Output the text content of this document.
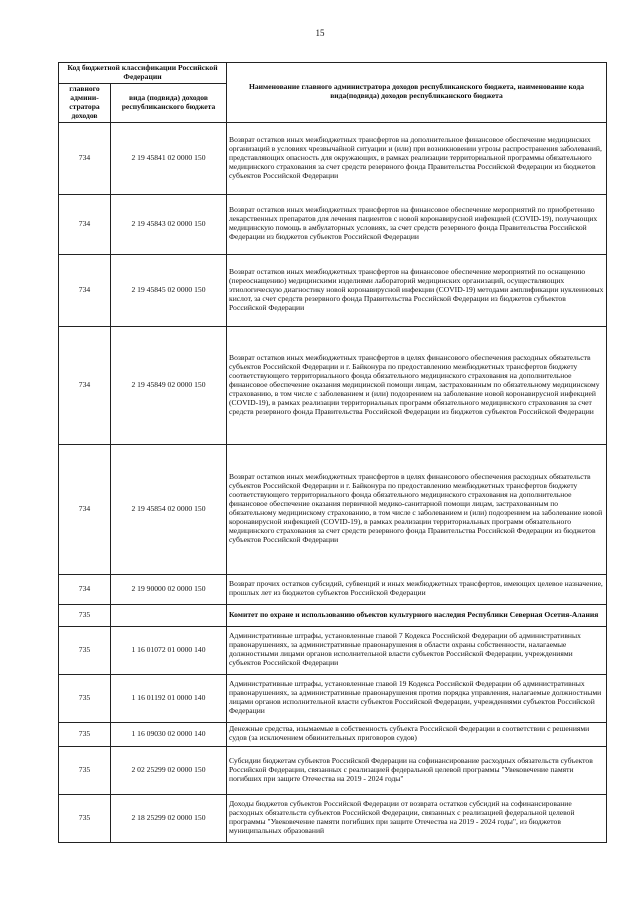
15
Код бюджетной классификации Российской Федерации		Наименование главного администратора доходов республиканского бюджета, наименование кода вида(подвида) доходов республиканского бюджета
главного админи-стратора доходов	вида (подвида) доходов республиканского бюджета	
734	2 19 45841 02 0000 150	Возврат остатков иных межбюджетных трансфертов на дополнительное финансовое обеспечение медицинских организаций в условиях чрезвычайной ситуации и (или) при возникновении угрозы распространения заболеваний, представляющих опасность для окружающих, в рамках реализации территориальной программы обязательного медицинского страхования за счет средств резервного фонда Правительства Российской Федерации из бюджетов субъектов Российской Федерации
734	2 19 45843 02 0000 150	Возврат остатков иных межбюджетных трансфертов на финансовое обеспечение мероприятий по приобретению лекарственных препаратов для лечения пациентов с новой коронавирусной инфекцией (COVID-19), получающих медицинскую помощь в амбулаторных условиях, за счет средств резервного фонда Правительства Российской Федерации из бюджетов субъектов Российской Федерации
734	2 19 45845 02 0000 150	Возврат остатков иных межбюджетных трансфертов на финансовое обеспечение мероприятий по оснащению (переоснащению) медицинскими изделиями лабораторий медицинских организаций, осуществляющих этиологическую диагностику новой коронавирусной инфекции (COVID-19) методами амплификации нуклеиновых кислот, за счет средств резервного фонда Правительства Российской Федерации из бюджетов субъектов Российской Федерации
734	2 19 45849 02 0000 150	Возврат остатков иных межбюджетных трансфертов в целях финансового обеспечения расходных обязательств субъектов Российской Федерации и г. Байконура по предоставлению межбюджетных трансфертов бюджету соответствующего территориального фонда обязательного медицинского страхования на дополнительное финансовое обеспечение оказания медицинской помощи лицам, застрахованным по обязательному медицинскому страхованию, в том числе с заболеванием и (или) подозрением на заболевание новой коронавирусной инфекцией (COVID-19), в рамках реализации территориальных программ обязательного медицинского страхования за счет средств резервного фонда Правительства Российской Федерации из бюджетов субъектов Российской Федерации
734	2 19 45854 02 0000 150	Возврат остатков иных межбюджетных трансфертов в целях финансового обеспечения расходных обязательств субъектов Российской Федерации и г. Байконура по предоставлению межбюджетных трансфертов бюджету соответствующего территориального фонда обязательного медицинского страхования на дополнительное финансовое обеспечение оказания первичной медико-санитарной помощи лицам, застрахованным по обязательному медицинскому страхованию, в том числе с заболеванием и (или) подозрением на заболевание новой коронавирусной инфекцией (COVID-19), в рамках реализации территориальных программ обязательного медицинского страхования за счет средств резервного фонда Правительства Российской Федерации из бюджетов субъектов Российской Федерации
734	2 19 90000 02 0000 150	Возврат прочих остатков субсидий, субвенций и иных межбюджетных трансфертов, имеющих целевое назначение, прошлых лет из бюджетов субъектов Российской Федерации
735		Комитет по охране и использованию объектов культурного наследия Республики Северная Осетия-Алания
735	1 16 01072 01 0000 140	Административные штрафы, установленные главой 7 Кодекса Российской Федерации об административных правонарушениях, за административные правонарушения в области охраны собственности, налагаемые должностными лицами органов исполнительной власти субъектов Российской Федерации, учреждениями субъектов Российской Федерации
735	1 16 01192 01 0000 140	Административные штрафы, установленные главой 19 Кодекса Российской Федерации об административных правонарушениях, за административные правонарушения против порядка управления, налагаемые должностными лицами органов исполнительной власти субъектов Российской Федерации, учреждениями субъектов Российской Федерации
735	1 16 09030 02 0000 140	Денежные средства, изымаемые в собственность субъекта Российской Федерации в соответствии с решениями судов (за исключением обвинительных приговоров судов)
735	2 02 25299 02 0000 150	Субсидии бюджетам субъектов Российской Федерации на софинансирование расходных обязательств субъектов Российской Федерации, связанных с реализацией федеральной целевой программы "Увековечение памяти погибших при защите Отечества на 2019 - 2024 годы"
735	2 18 25299 02 0000 150	Доходы бюджетов субъектов Российской Федерации от возврата остатков субсидий на софинансирование расходных обязательств субъектов Российской Федерации, связанных с реализацией федеральной целевой программы "Увековечение памяти погибших при защите Отечества на 2019 - 2024 годы", из бюджетов муниципальных образований
